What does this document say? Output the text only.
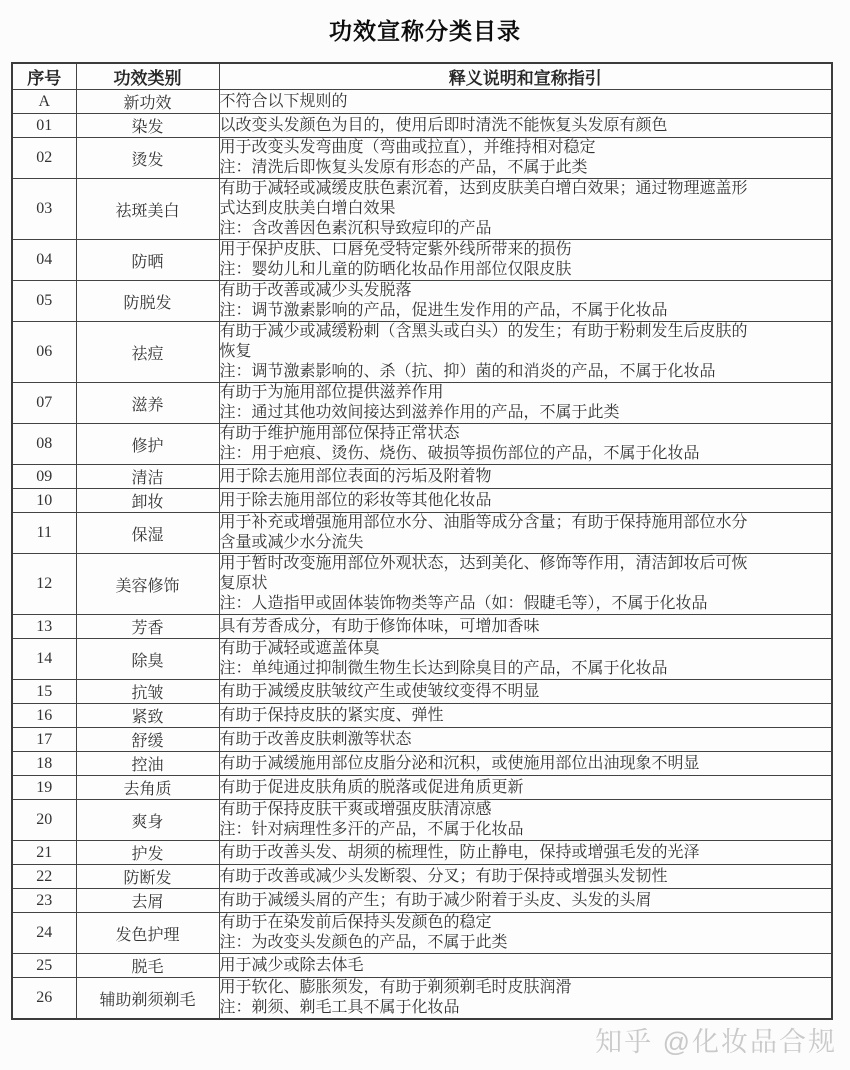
功效宣称分类目录
序号	功效类别	释义说明和宣称指引
A	新功效	不符合以下规则的

01	染发	以改变头发颜色为目的，使用后即时清洗不能恢复头发原有颜色

02	烫发	用于改变头发弯曲度（弯曲或拉直），并维持相对稳定
注：清洗后即恢复头发原有形态的产品，不属于此类

03	祛斑美白	有助于减轻或减缓皮肤色素沉着，达到皮肤美白增白效果；通过物理遮盖形
式达到皮肤美白增白效果
注：含改善因色素沉积导致痘印的产品

04	防晒	用于保护皮肤、口唇免受特定紫外线所带来的损伤
注：婴幼儿和儿童的防晒化妆品作用部位仅限皮肤

05	防脱发	有助于改善或减少头发脱落
注：调节激素影响的产品，促进生发作用的产品，不属于化妆品

06	祛痘	有助于减少或减缓粉刺（含黑头或白头）的发生；有助于粉刺发生后皮肤的
恢复
注：调节激素影响的、杀（抗、抑）菌的和消炎的产品，不属于化妆品

07	滋养	有助于为施用部位提供滋养作用
注：通过其他功效间接达到滋养作用的产品，不属于此类

08	修护	有助于维护施用部位保持正常状态
注：用于疤痕、烫伤、烧伤、破损等损伤部位的产品，不属于化妆品

09	清洁	用于除去施用部位表面的污垢及附着物

10	卸妆	用于除去施用部位的彩妆等其他化妆品

11	保湿	用于补充或增强施用部位水分、油脂等成分含量；有助于保持施用部位水分
含量或减少水分流失

12	美容修饰	用于暂时改变施用部位外观状态，达到美化、修饰等作用，清洁卸妆后可恢
复原状
注：人造指甲或固体装饰物类等产品（如：假睫毛等），不属于化妆品

13	芳香	具有芳香成分，有助于修饰体味，可增加香味

14	除臭	有助于减轻或遮盖体臭
注：单纯通过抑制微生物生长达到除臭目的产品，不属于化妆品

15	抗皱	有助于减缓皮肤皱纹产生或使皱纹变得不明显

16	紧致	有助于保持皮肤的紧实度、弹性

17	舒缓	有助于改善皮肤刺激等状态

18	控油	有助于减缓施用部位皮脂分泌和沉积，或使施用部位出油现象不明显

19	去角质	有助于促进皮肤角质的脱落或促进角质更新

20	爽身	有助于保持皮肤干爽或增强皮肤清凉感
注：针对病理性多汗的产品，不属于化妆品

21	护发	有助于改善头发、胡须的梳理性，防止静电，保持或增强毛发的光泽

22	防断发	有助于改善或减少头发断裂、分叉；有助于保持或增强头发韧性

23	去屑	有助于减缓头屑的产生；有助于减少附着于头皮、头发的头屑

24	发色护理	有助于在染发前后保持头发颜色的稳定
注：为改变头发颜色的产品，不属于此类

25	脱毛	用于减少或除去体毛

26	辅助剃须剃毛	用于软化、膨胀须发，有助于剃须剃毛时皮肤润滑
注：剃须、剃毛工具不属于化妆品
知乎 @化妆品合规
